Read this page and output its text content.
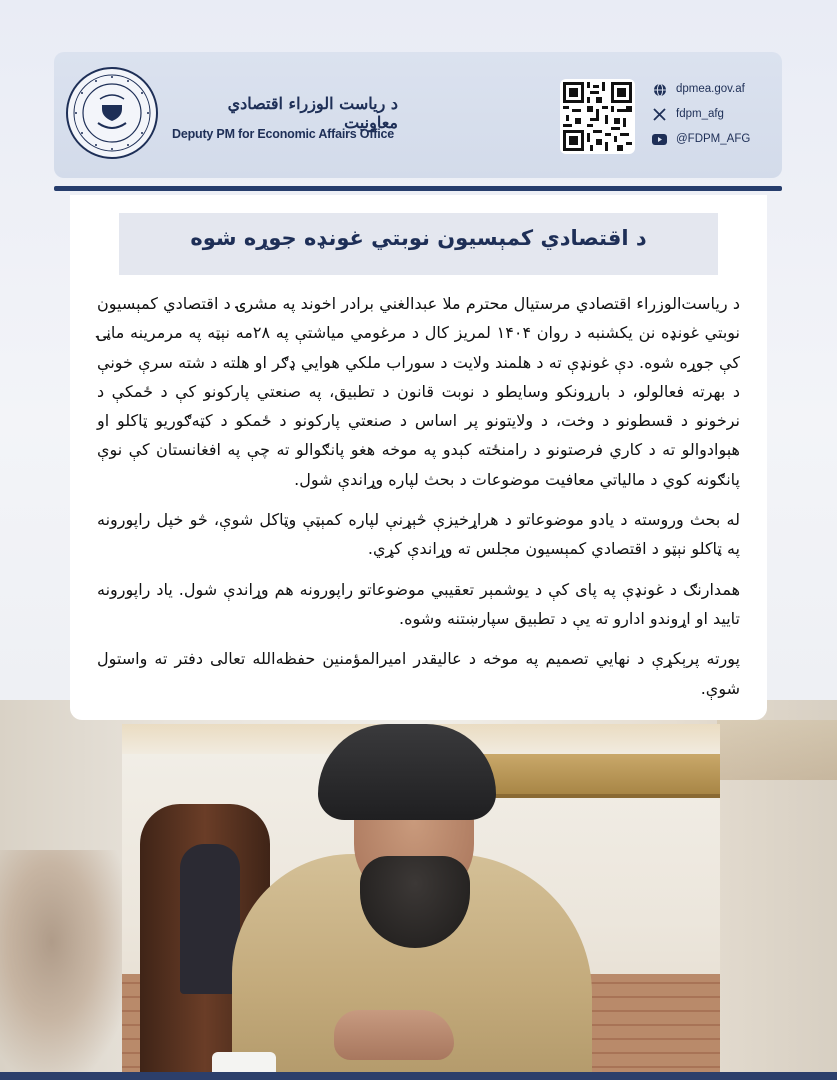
د رياست الوزراء اقتصادي معاونيت
Deputy PM for Economic Affairs Office
dpmea.gov.af
fdpm_afg
@FDPM_AFG
د اقتصادي کمېسیون نوبتي غونډه جوړه شوه

د رياست‌الوزراء اقتصادي مرستيال محترم ملا عبدالغني برادر اخوند په مشرۍ د اقتصادي کمېسیون نوبتي غونډه نن يکشنبه د روان ۱۴۰۴ لمريز کال د مرغومي مياشتې په ۲۸مه نېټه په مرمرينه ماڼۍ کې جوړه شوه. دې غونډې ته د هلمند ولايت د سوراب ملکي هوايي ډګر او هلته د شته سرې خونې د بهرته فعالولو، د بارړونکو وسايطو د نوبت قانون د تطبيق، په صنعتي پارکونو کې د ځمکې د نرخونو د قسطونو د وخت، د ولايتونو پر اساس د صنعتي پارکونو د ځمکو د کټه‌ګوريو ټاکلو او هېوادوالو ته د کاري فرصتونو د رامنځته کېدو په موخه هغو پانګوالو ته چې په افغانستان کې نوې پانګونه کوي د مالياتي معافيت موضوعات د بحث لپاره وړاندې شول.

له بحث وروسته د يادو موضوعاتو د هراړخيزې څېړنې لپاره کمېټې وټاکل شوې، څو خپل راپورونه په ټاکلو نېټو د اقتصادي کمېسیون مجلس ته وړاندې کړي.

همدارنګ د غونډې په پای کې د يوشمېر تعقيبي موضوعاتو راپورونه هم وړاندې شول. ياد راپورونه تاييد او اړوندو ادارو ته يې د تطبيق سپارښتنه وشوه.

پورته پرېکړې د نهايي تصميم په موخه د عاليقدر اميرالمؤمنين حفظه‌الله تعالى دفتر ته واستول شوې.
